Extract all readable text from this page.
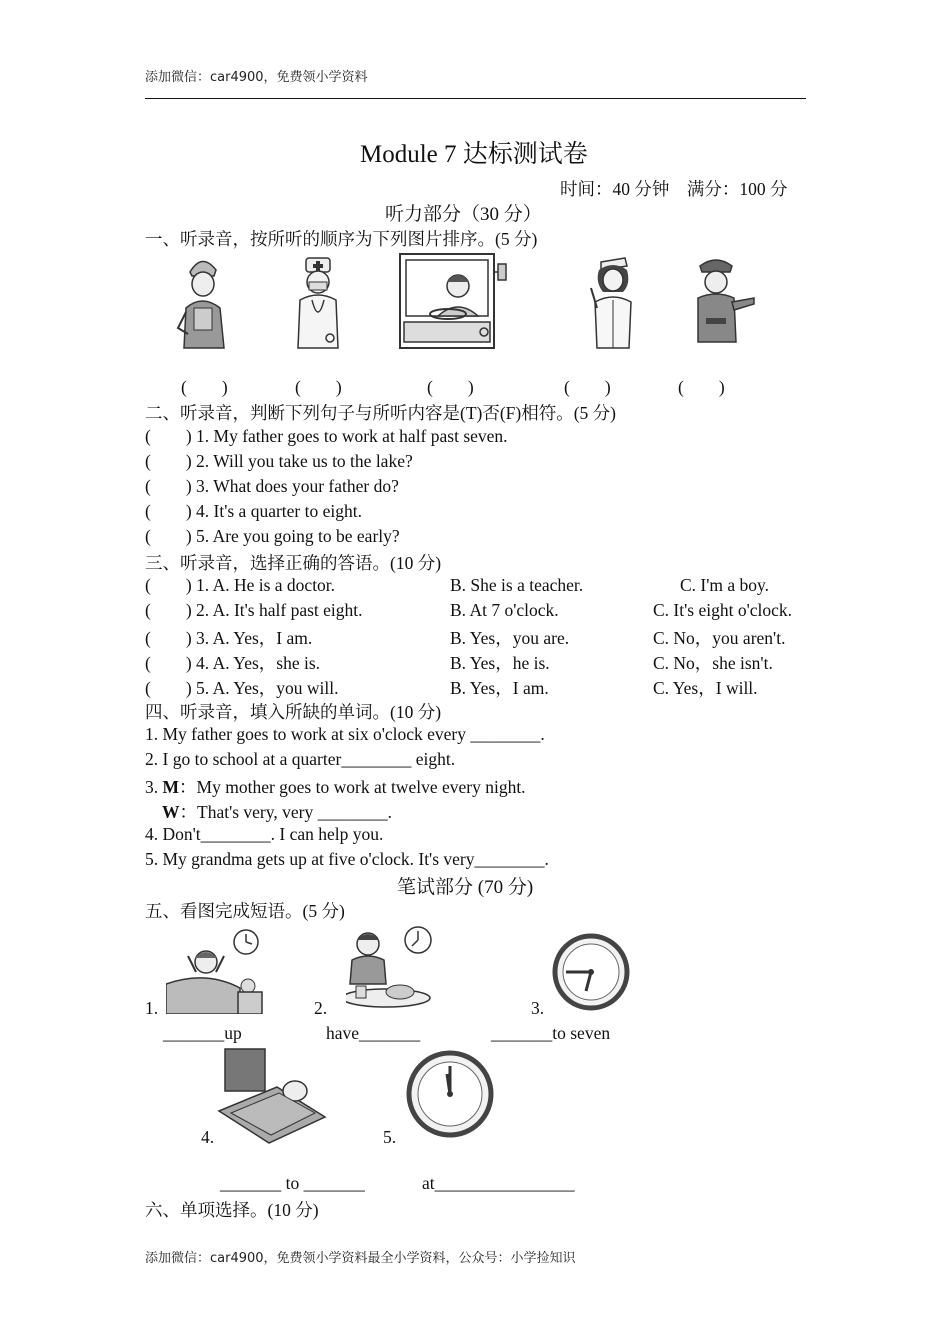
添加微信：car4900，免费领小学资料
Module 7 达标测试卷
时间：40 分钟    满分：100 分
听力部分（30 分）
一、听录音，按所听的顺序为下列图片排序。(5 分)
(        )	(        )	(        )	(        )	(        )
二、听录音，判断下列句子与所听内容是(T)否(F)相符。(5 分)
(        ) 1. My father goes to work at half past seven.
(        ) 2. Will you take us to the lake?
(        ) 3. What does your father do?
(        ) 4. It's a quarter to eight.
(        ) 5. Are you going to be early?
三、听录音，选择正确的答语。(10 分)
(        ) 1. A. He is a doctor.	B. She is a teacher.	C. I'm a boy.
(        ) 2. A. It's half past eight.	B. At 7 o'clock.	C. It's eight o'clock.
(        ) 3. A. Yes，I am.	B. Yes，you are.	C. No，you aren't.
(        ) 4. A. Yes，she is.	B. Yes，he is.	C. No，she isn't.
(        ) 5. A. Yes，you will.	B. Yes，I am.	C. Yes，I will.
四、听录音，填入所缺的单词。(10 分)
1. My father goes to work at six o'clock every ________.
2. I go to school at a quarter________ eight.
3. M：My mother goes to work at twelve every night.
W：That's very, very ________.
4. Don't________. I can help you.
5. My grandma gets up at five o'clock. It's very________.
笔试部分 (70 分)
五、看图完成短语。(5 分)
1.	2.	3.
_______up	have_______	_______to seven
4.	5.
_______ to _______	at________________
六、单项选择。(10 分)
添加微信：car4900，免费领小学资料最全小学资料，公众号：小学捡知识
